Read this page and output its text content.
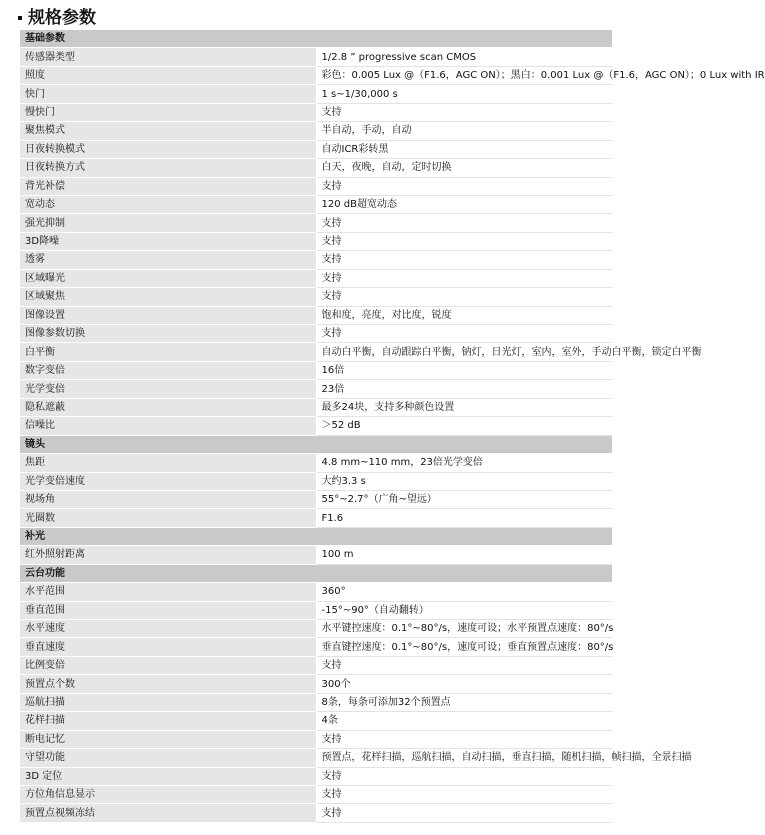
规格参数
基础参数	
传感器类型	1/2.8 ” progressive scan CMOS
照度	彩色：0.005 Lux @（F1.6，AGC ON）；黑白：0.001 Lux @（F1.6，AGC ON）；0 Lux with IR
快门	1 s~1/30,000 s
慢快门	支持
聚焦模式	半自动，手动，自动
日夜转换模式	自动ICR彩转黑
日夜转换方式	白天，夜晚，自动，定时切换
背光补偿	支持
宽动态	120 dB超宽动态
强光抑制	支持
3D降噪	支持
透雾	支持
区域曝光	支持
区域聚焦	支持
图像设置	饱和度，亮度，对比度，锐度
图像参数切换	支持
白平衡	自动白平衡，自动跟踪白平衡，钠灯，日光灯，室内，室外，手动白平衡，锁定白平衡
数字变倍	16倍
光学变倍	23倍
隐私遮蔽	最多24块，支持多种颜色设置
信噪比	＞52 dB
镜头	
焦距	4.8 mm~110 mm，23倍光学变倍
光学变倍速度	大约3.3 s
视场角	55°~2.7°（广角~望远）
光圈数	F1.6
补光	
红外照射距离	100 m
云台功能	
水平范围	360°
垂直范围	-15°~90°（自动翻转）
水平速度	水平键控速度：0.1°~80°/s，速度可设；水平预置点速度：80°/s
垂直速度	垂直键控速度：0.1°~80°/s，速度可设；垂直预置点速度：80°/s
比例变倍	支持
预置点个数	300个
巡航扫描	8条，每条可添加32个预置点
花样扫描	4条
断电记忆	支持
守望功能	预置点，花样扫描，巡航扫描，自动扫描，垂直扫描，随机扫描，帧扫描，全景扫描
3D 定位	支持
方位角信息显示	支持
预置点视频冻结	支持
